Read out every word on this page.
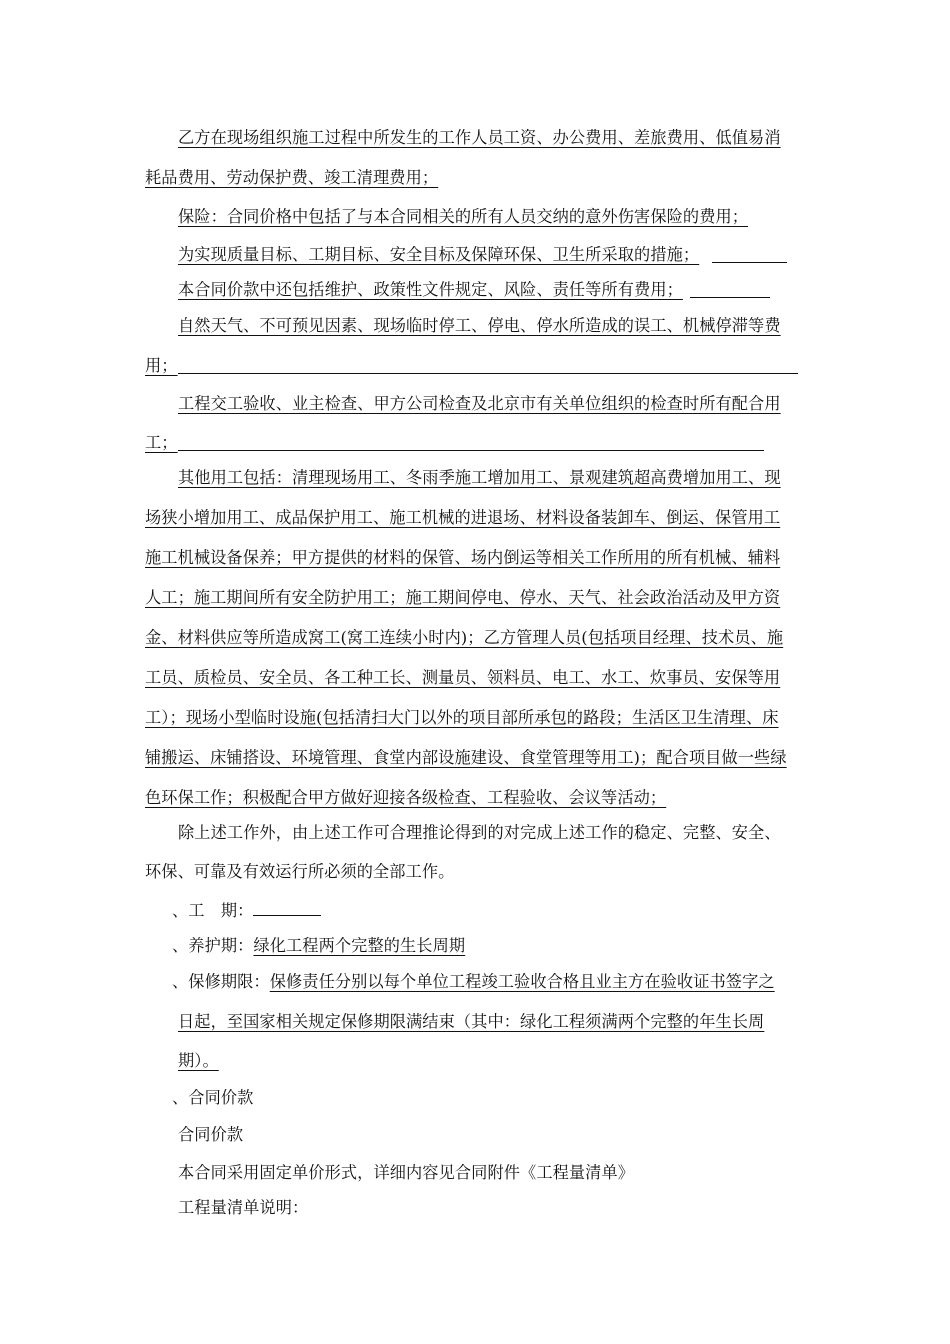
乙方在现场组织施工过程中所发生的工作人员工资、办公费用、差旅费用、低值易消
耗品费用、劳动保护费、竣工清理费用；
保险：合同价格中包括了与本合同相关的所有人员交纳的意外伤害保险的费用；
为实现质量目标、工期目标、安全目标及保障环保、卫生所采取的措施；
本合同价款中还包括维护、政策性文件规定、风险、责任等所有费用；
自然天气、不可预见因素、现场临时停工、停电、停水所造成的误工、机械停滞等费
用；
工程交工验收、业主检查、甲方公司检查及北京市有关单位组织的检查时所有配合用
工；
其他用工包括：清理现场用工、冬雨季施工增加用工、景观建筑超高费增加用工、现
场狭小增加用工、成品保护用工、施工机械的进退场、材料设备装卸车、倒运、保管用工
施工机械设备保养；甲方提供的材料的保管、场内倒运等相关工作所用的所有机械、辅料
人工；施工期间所有安全防护用工；施工期间停电、停水、天气、社会政治活动及甲方资
金、材料供应等所造成窝工(窝工连续小时内)；乙方管理人员(包括项目经理、技术员、施
工员、质检员、安全员、各工种工长、测量员、领料员、电工、水工、炊事员、安保等用
工）；现场小型临时设施(包括清扫大门以外的项目部所承包的路段；生活区卫生清理、床
铺搬运、床铺搭设、环境管理、食堂内部设施建设、食堂管理等用工)；配合项目做一些绿
色环保工作；积极配合甲方做好迎接各级检查、工程验收、会议等活动；
除上述工作外，由上述工作可合理推论得到的对完成上述工作的稳定、完整、安全、
环保、可靠及有效运行所必须的全部工作。
、工　期：
、养护期：绿化工程两个完整的生长周期
、保修期限：保修责任分别以每个单位工程竣工验收合格且业主方在验收证书签字之
日起，至国家相关规定保修期限满结束（其中：绿化工程须满两个完整的年生长周
期）。
、合同价款
合同价款
本合同采用固定单价形式，详细内容见合同附件《工程量清单》
工程量清单说明：
